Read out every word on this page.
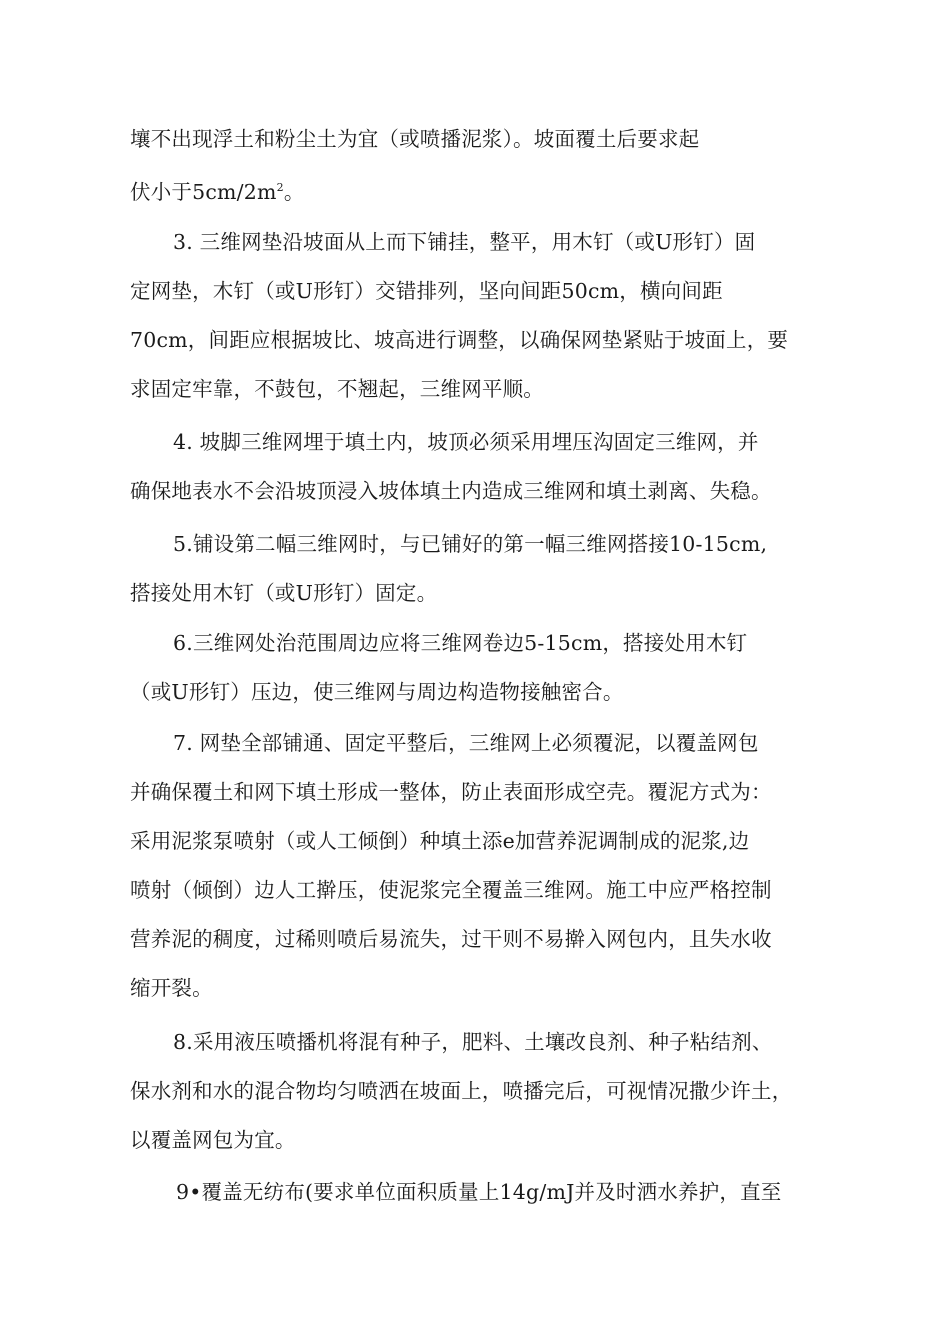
壤不出现浮土和粉尘土为宜（或喷播泥浆）。坡面覆土后要求起
伏小于$5cm/2m^2$。
3. 三维网垫沿坡面从上而下铺挂，整平，用木钉（或U形钉）固
定网垫，木钉（或U形钉）交错排列，坚向间距50cm，横向间距
70cm，间距应根据坡比、坡高进行调整，以确保网垫紧贴于坡面上，要
求固定牢靠，不鼓包，不翘起，三维网平顺。
4. 坡脚三维网埋于填土内，坡顶必须采用埋压沟固定三维网，并
确保地表水不会沿坡顶浸入坡体填土内造成三维网和填土剥离、失稳。
5.铺设第二幅三维网时，与已铺好的第一幅三维网搭接10-15cm,
搭接处用木钉（或U形钉）固定。
6.三维网处治范围周边应将三维网卷边5-15cm，搭接处用木钉
（或U形钉）压边，使三维网与周边构造物接触密合。
7. 网垫全部铺通、固定平整后，三维网上必须覆泥，以覆盖网包
并确保覆土和网下填土形成一整体，防止表面形成空壳。覆泥方式为：
采用泥浆泵喷射（或人工倾倒）种填土添e加营养泥调制成的泥浆,边
喷射（倾倒）边人工擀压，使泥浆完全覆盖三维网。施工中应严格控制
营养泥的稠度，过稀则喷后易流失，过干则不易擀入网包内，且失水收
缩开裂。
8.采用液压喷播机将混有种子，肥料、土壤改良剂、种子粘结剂、
保水剂和水的混合物均匀喷洒在坡面上，喷播完后，可视情况撒少许土，
以覆盖网包为宜。
9•覆盖无纺布(要求单位面积质量上14g/mJ并及时洒水养护，直至
